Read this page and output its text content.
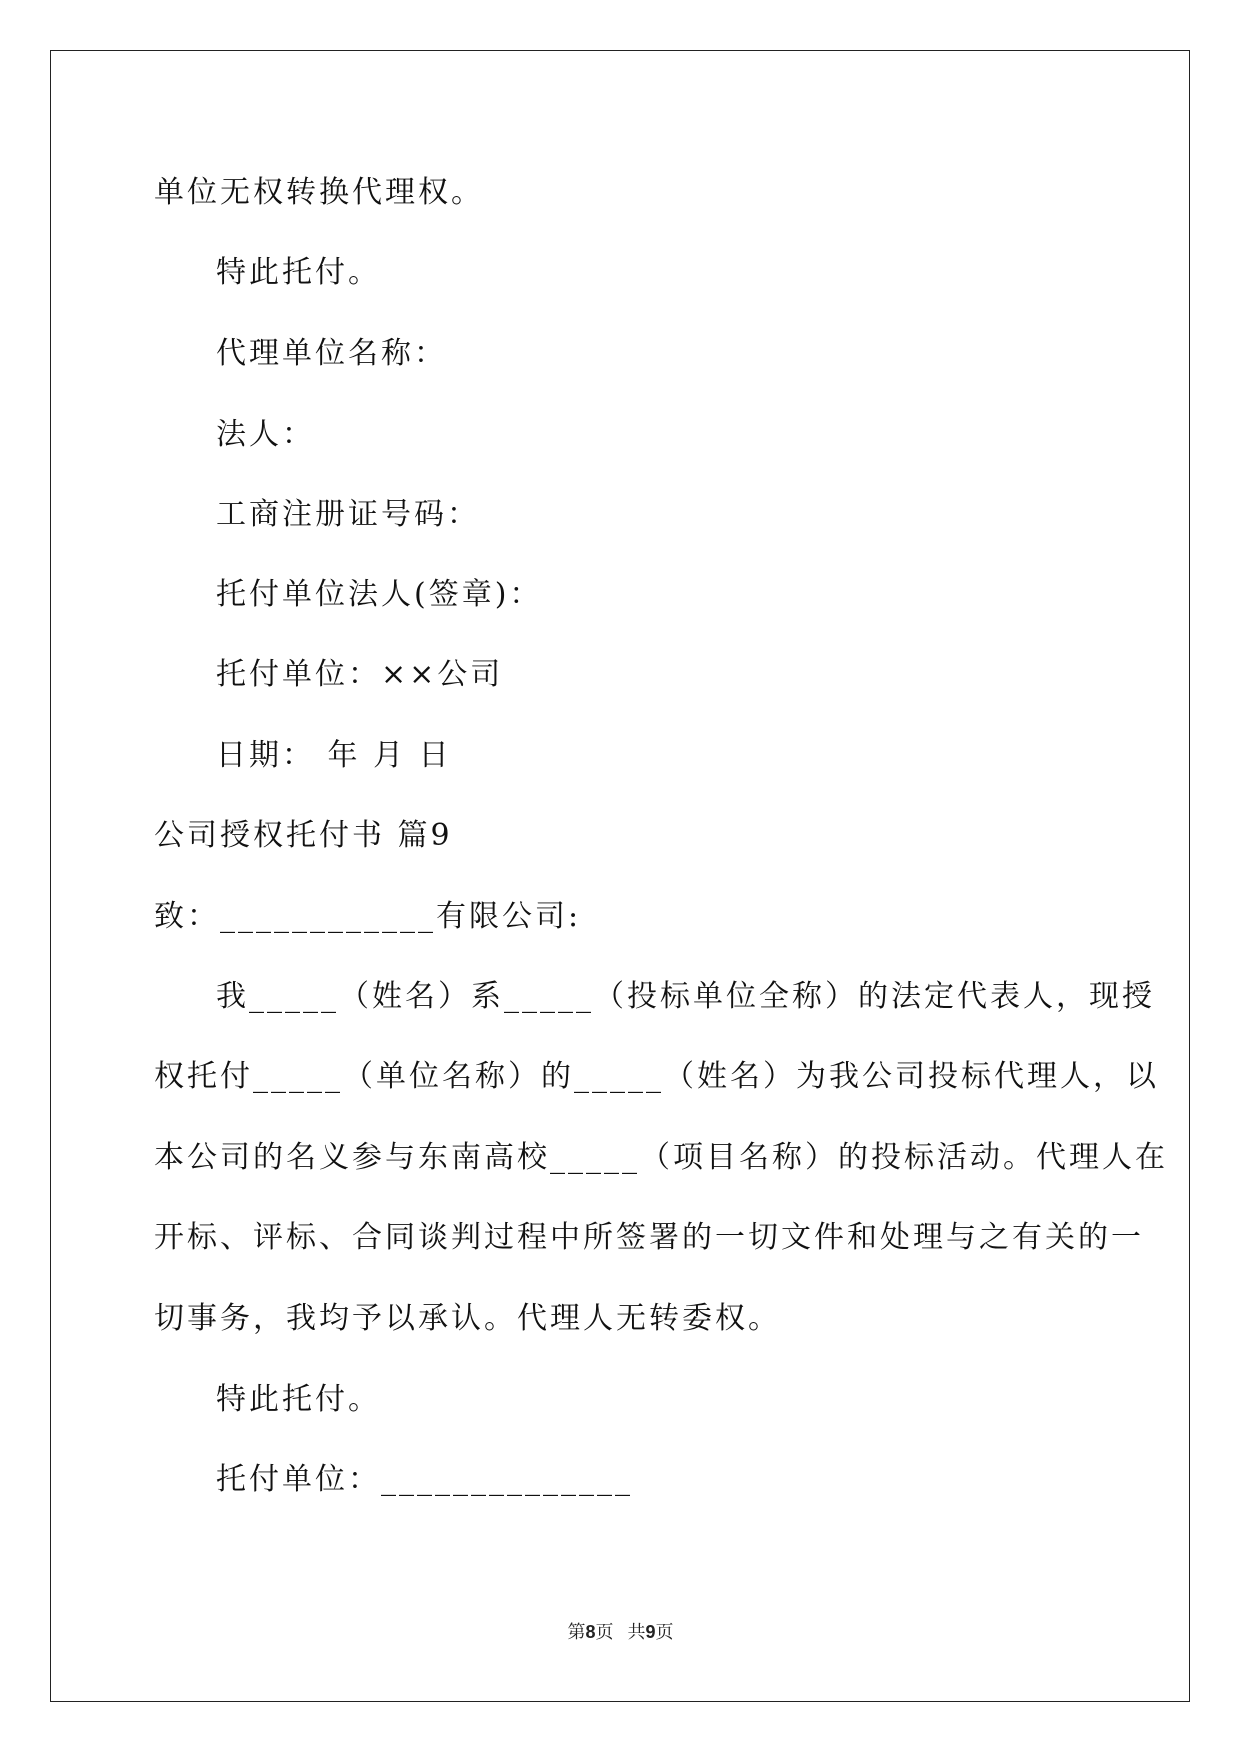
单位无权转换代理权。
特此托付。
代理单位名称：
法人：
工商注册证号码：
托付单位法人(签章)：
托付单位：××公司
日期： 年 月 日
公司授权托付书 篇9
致：____________有限公司:
我_____（姓名）系_____（投标单位全称）的法定代表人，现授
权托付_____（单位名称）的_____（姓名）为我公司投标代理人，以
本公司的名义参与东南高校_____（项目名称）的投标活动。代理人在
开标、评标、合同谈判过程中所签署的一切文件和处理与之有关的一
切事务，我均予以承认。代理人无转委权。
特此托付。
托付单位：______________
第8页 共9页
